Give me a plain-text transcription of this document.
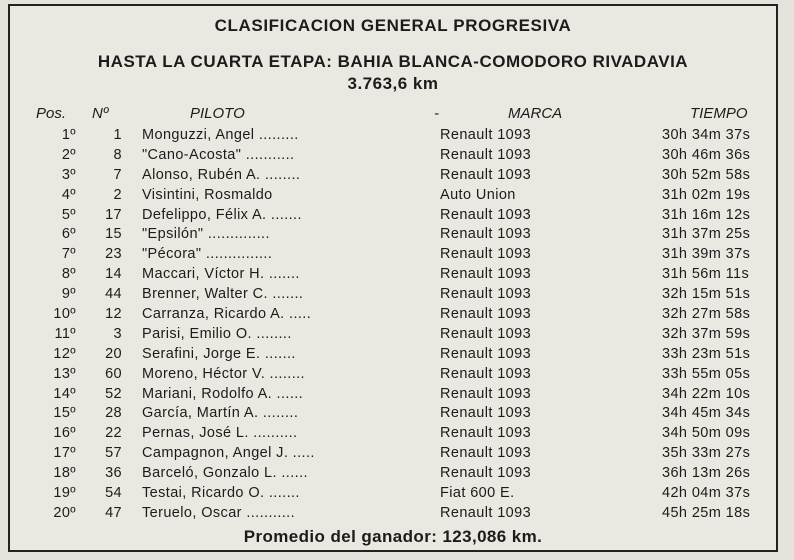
CLASIFICACION GENERAL PROGRESIVA
HASTA LA CUARTA ETAPA: BAHIA BLANCA-COMODORO RIVADAVIA
3.763,6 km
Pos. Nº	PILOTO	-	MARCA	TIEMPO
1º	1 Monguzzi, Angel .........	Renault 1093	30h 34m 37s
2º	8 "Cano-Acosta" ...........	Renault 1093	30h 46m 36s
3º	7 Alonso, Rubén A. ........	Renault 1093	30h 52m 58s
4º	2 Visintini, Rosmaldo	Auto Union	31h 02m 19s
5º	17 Defelippo, Félix A. .......	Renault 1093	31h 16m 12s
6º	15 "Epsilón" ..............	Renault 1093	31h 37m 25s
7º	23 "Pécora" ...............	Renault 1093	31h 39m 37s
8º	14 Maccari, Víctor H. .......	Renault 1093	31h 56m 11s
9º	44 Brenner, Walter C. .......	Renault 1093	32h 15m 51s
10º	12 Carranza, Ricardo A. .....	Renault 1093	32h 27m 58s
11º	3 Parisi, Emilio O. ........	Renault 1093	32h 37m 59s
12º	20 Serafini, Jorge E. .......	Renault 1093	33h 23m 51s
13º	60 Moreno, Héctor V. ........	Renault 1093	33h 55m 05s
14º	52 Mariani, Rodolfo A. ......	Renault 1093	34h 22m 10s
15º	28 García, Martín A. ........	Renault 1093	34h 45m 34s
16º	22 Pernas, José L. ..........	Renault 1093	34h 50m 09s
17º	57 Campagnon, Angel J. .....	Renault 1093	35h 33m 27s
18º	36 Barceló, Gonzalo L. ......	Renault 1093	36h 13m 26s
19º	54 Testai, Ricardo O. .......	Fiat 600 E.	42h 04m 37s
20º	47 Teruelo, Oscar ...........	Renault 1093	45h 25m 18s
Promedio del ganador: 123,086 km.
